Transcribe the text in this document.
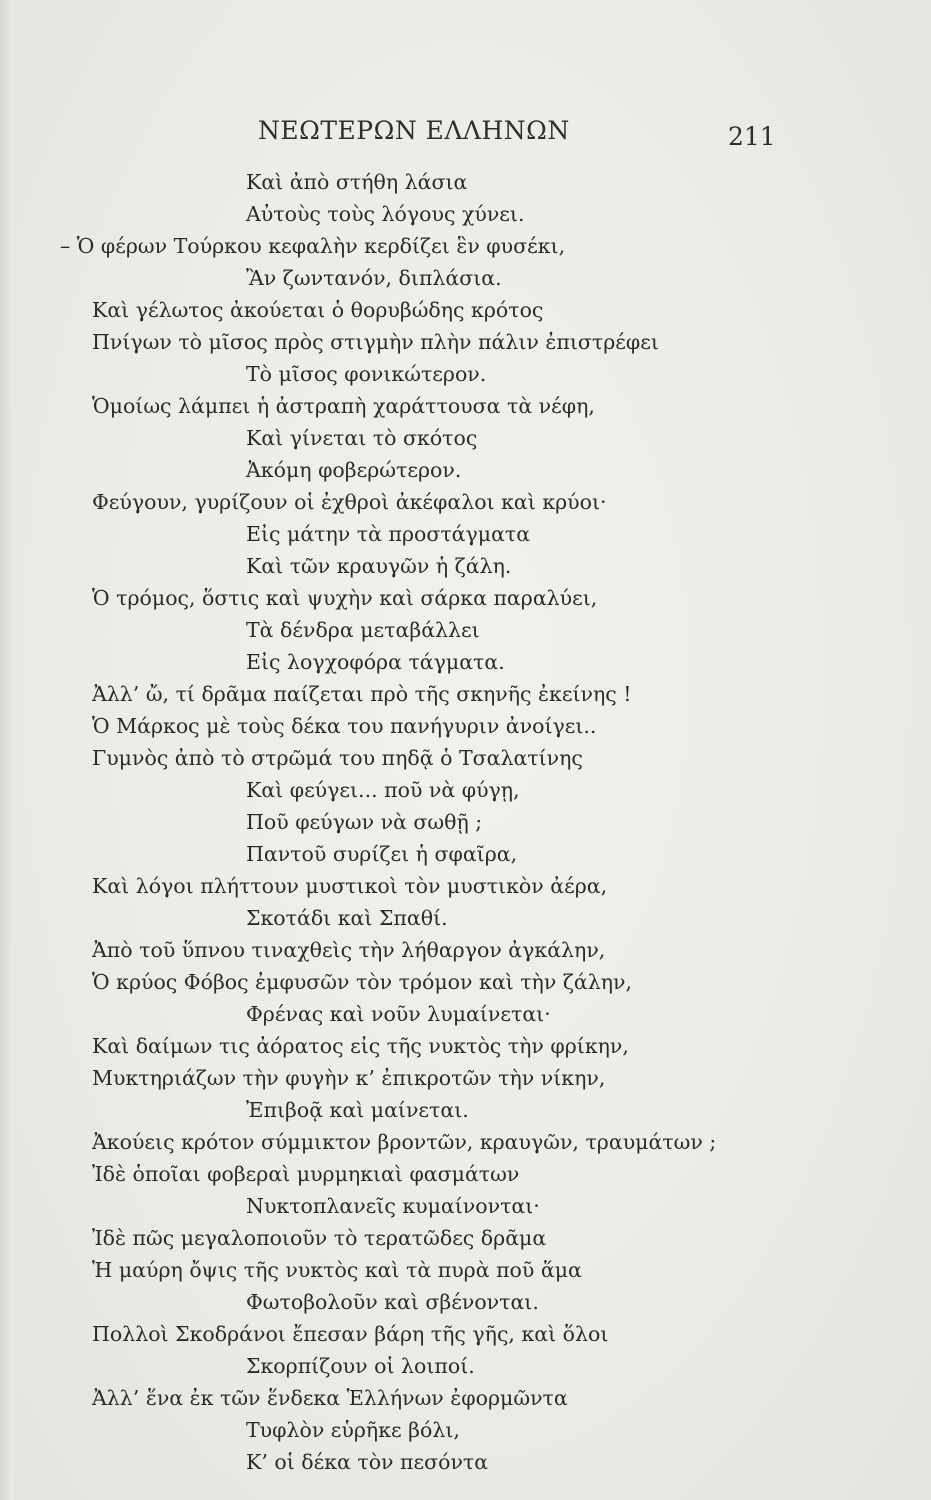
ΝΕΩΤΕΡΩΝ ΕΛΛΗΝΩΝ	211
Καὶ ἀπὸ στήθη λάσια
Αὐτοὺς τοὺς λόγους χύνει.
– Ὁ φέρων Τούρκου κεφαλὴν κερδίζει ἓν φυσέκι,
Ἂν ζωντανόν, διπλάσια.
Καὶ γέλωτος ἀκούεται ὁ θορυβώδης κρότος
Πνίγων τὸ μῖσος πρὸς στιγμὴν πλὴν πάλιν ἐπιστρέφει
Τὸ μῖσος φονικώτερον.
Ὁμοίως λάμπει ἡ ἀστραπὴ χαράττουσα τὰ νέφη,
Καὶ γίνεται τὸ σκότος
Ἀκόμη φοβερώτερον.
Φεύγουν, γυρίζουν οἱ ἐχθροὶ ἀκέφαλοι καὶ κρύοι·
Εἰς μάτην τὰ προστάγματα
Καὶ τῶν κραυγῶν ἡ ζάλη.
Ὁ τρόμος, ὅστις καὶ ψυχὴν καὶ σάρκα παραλύει,
Τὰ δένδρα μεταβάλλει
Εἰς λογχοφόρα τάγματα.
Ἀλλ’ ὤ, τί δρᾶμα παίζεται πρὸ τῆς σκηνῆς ἐκείνης !
Ὁ Μάρκος μὲ τοὺς δέκα του πανήγυριν ἀνοίγει..
Γυμνὸς ἀπὸ τὸ στρῶμά του πηδᾷ ὁ Τσαλατίνης
Καὶ φεύγει... ποῦ νὰ φύγῃ,
Ποῦ φεύγων νὰ σωθῇ ;
Παντοῦ συρίζει ἡ σφαῖρα,
Καὶ λόγοι πλήττουν μυστικοὶ τὸν μυστικὸν ἀέρα,
Σκοτάδι καὶ Σπαθί.
Ἀπὸ τοῦ ὕπνου τιναχθεὶς τὴν λήθαργον ἀγκάλην,
Ὁ κρύος Φόβος ἐμφυσῶν τὸν τρόμον καὶ τὴν ζάλην,
Φρένας καὶ νοῦν λυμαίνεται·
Καὶ δαίμων τις ἀόρατος εἰς τῆς νυκτὸς τὴν φρίκην,
Μυκτηριάζων τὴν φυγὴν κ’ ἐπικροτῶν τὴν νίκην,
Ἐπιβοᾷ καὶ μαίνεται.
Ἀκούεις κρότον σύμμικτον βροντῶν, κραυγῶν, τραυμάτων ;
Ἰδὲ ὁποῖαι φοβεραὶ μυρμηκιαὶ φασμάτων
Νυκτοπλανεῖς κυμαίνονται·
Ἰδὲ πῶς μεγαλοποιοῦν τὸ τερατῶδες δρᾶμα
Ἡ μαύρη ὄψις τῆς νυκτὸς καὶ τὰ πυρὰ ποῦ ἅμα
Φωτοβολοῦν καὶ σβένονται.
Πολλοὶ Σκοδράνοι ἔπεσαν βάρη τῆς γῆς, καὶ ὅλοι
Σκορπίζουν οἱ λοιποί.
Ἀλλ’ ἕνα ἐκ τῶν ἕνδεκα Ἑλλήνων ἐφορμῶντα
Τυφλὸν εὑρῆκε βόλι,
Κ’ οἱ δέκα τὸν πεσόντα
